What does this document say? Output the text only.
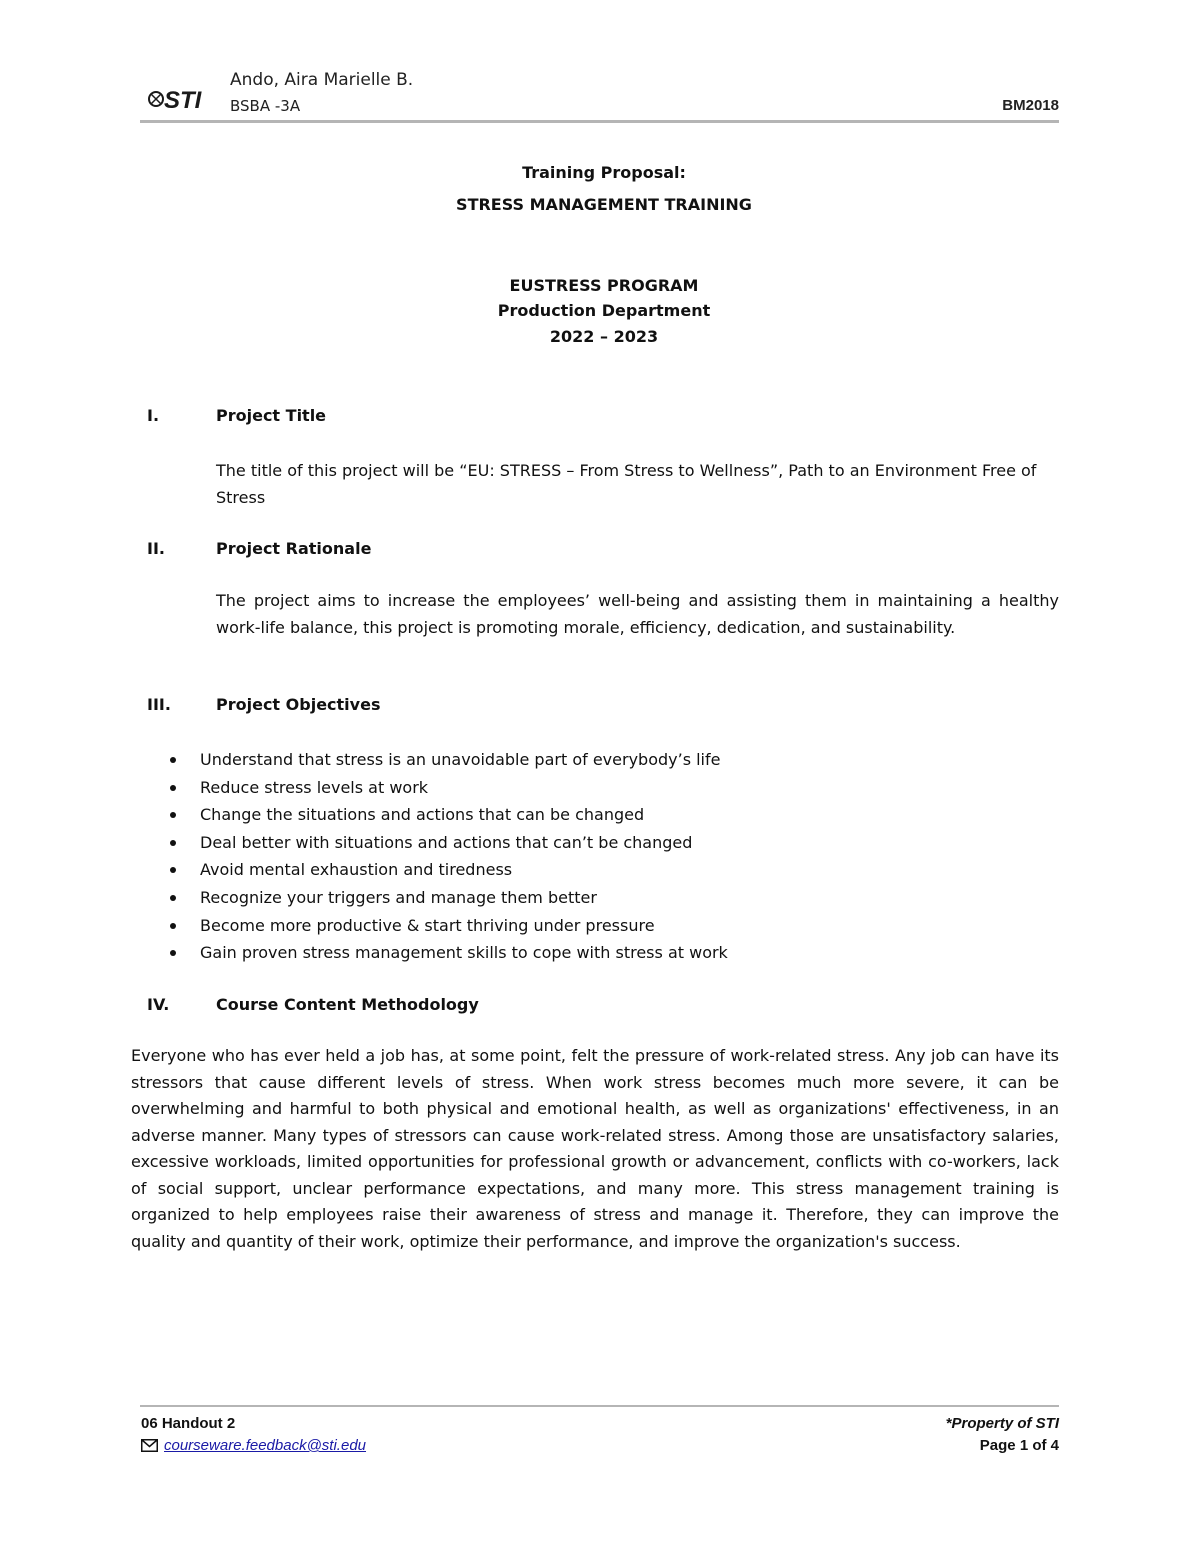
STI
Ando, Aira Marielle B.
BSBA -3A	BM2018
Training Proposal:
STRESS MANAGEMENT TRAINING
EUSTRESS PROGRAM
Production Department
2022 – 2023
I.	Project Title
The title of this project will be “EU: STRESS – From Stress to Wellness”, Path to an Environment Free of Stress
II.	Project Rationale
The project aims to increase the employees’ well-being and assisting them in maintaining a healthy work-life balance, this project is promoting morale, efficiency, dedication, and sustainability.
III.	Project Objectives
Understand that stress is an unavoidable part of everybody’s life
Reduce stress levels at work
Change the situations and actions that can be changed
Deal better with situations and actions that can’t be changed
Avoid mental exhaustion and tiredness
Recognize your triggers and manage them better
Become more productive & start thriving under pressure
Gain proven stress management skills to cope with stress at work
IV.	Course Content Methodology
Everyone who has ever held a job has, at some point, felt the pressure of work-related stress. Any job can have its stressors that cause different levels of stress. When work stress becomes much more severe, it can be overwhelming and harmful to both physical and emotional health, as well as organizations' effectiveness, in an adverse manner. Many types of stressors can cause work-related stress. Among those are unsatisfactory salaries, excessive workloads, limited opportunities for professional growth or advancement, conflicts with co-workers, lack of social support, unclear performance expectations, and many more. This stress management training is organized to help employees raise their awareness of stress and manage it. Therefore, they can improve the quality and quantity of their work, optimize their performance, and improve the organization's success.
06 Handout 2	*Property of STI
courseware.feedback@sti.edu	Page 1 of 4
